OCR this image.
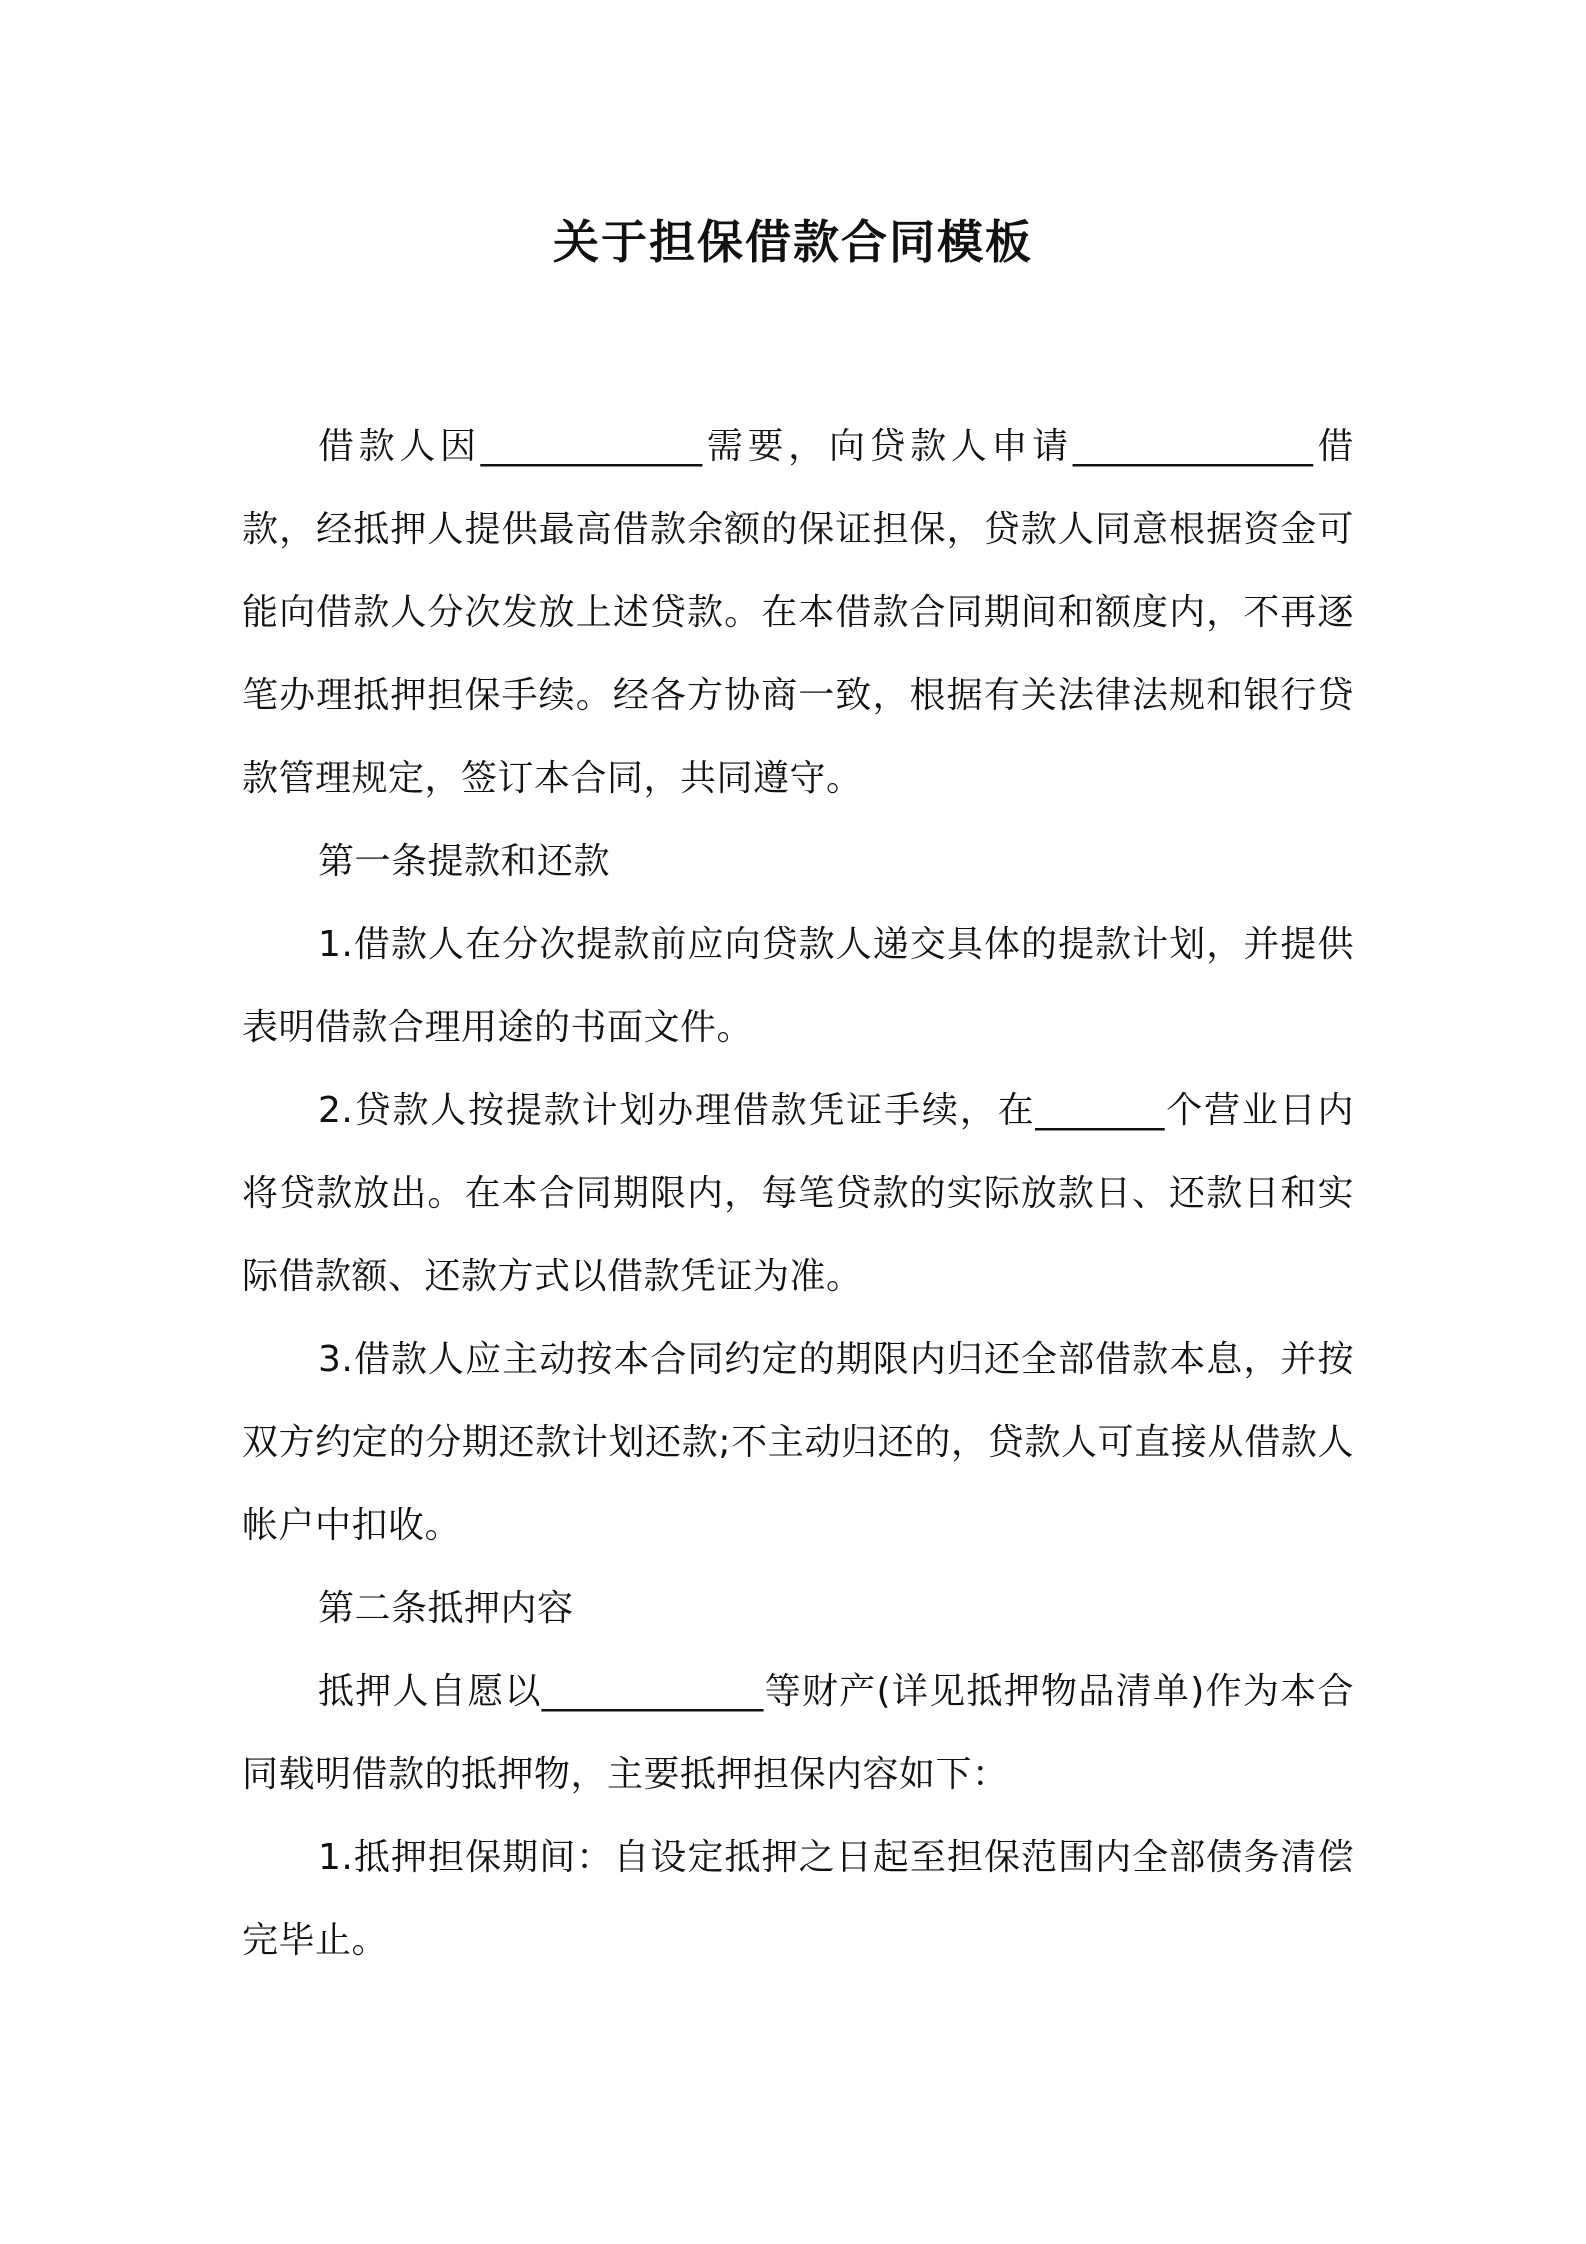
关于担保借款合同模板

借款人因____________需要，向贷款人申请_____________借款，经抵押人提供最高借款余额的保证担保，贷款人同意根据资金可能向借款人分次发放上述贷款。在本借款合同期间和额度内，不再逐笔办理抵押担保手续。经各方协商一致，根据有关法律法规和银行贷款管理规定，签订本合同，共同遵守。

第一条提款和还款

1.借款人在分次提款前应向贷款人递交具体的提款计划，并提供表明借款合理用途的书面文件。

2.贷款人按提款计划办理借款凭证手续，在_______个营业日内将贷款放出。在本合同期限内，每笔贷款的实际放款日、还款日和实际借款额、还款方式以借款凭证为准。

3.借款人应主动按本合同约定的期限内归还全部借款本息，并按双方约定的分期还款计划还款;不主动归还的，贷款人可直接从借款人帐户中扣收。

第二条抵押内容

抵押人自愿以____________等财产(详见抵押物品清单)作为本合同载明借款的抵押物，主要抵押担保内容如下：

1.抵押担保期间：自设定抵押之日起至担保范围内全部债务清偿完毕止。
